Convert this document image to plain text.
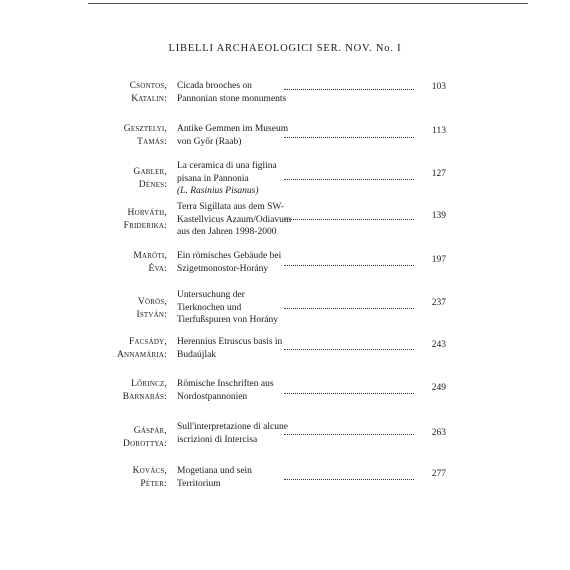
LIBELLI ARCHAEOLOGICI SER. NOV. No. I
Csontos,
Katalin:
Cicada brooches on
Pannonian stone monuments
103
Gesztelyi,
Tamás:
Antike Gemmen im Museum
von Győr (Raab)
113
Gabler,
Dénes:
La ceramica di una figlina
pisana in Pannonia
(L. Rasinius Pisanus)
127
Horváth,
Friderika:
Terra Sigillata aus dem SW-
Kastellvicus Azaum/Odiavum
aus den Jahren 1998-2000
139
Maróti,
Éva:
Ein römisches Gebäude bei
Szigetmonostor-Horány
197
Vörös,
István:
Untersuchung der
Tierknochen und
Tierfußspuren von Horány
237
Facsády,
Annamária:
Herennius Etruscus basis in
Budaújlak
243
Lőrincz,
Barnabás:
Römische Inschriften aus
Nordostpannonien
249
Gáspár,
Dorottya:
Sull'interpretazione di alcune
iscrizioni di Intercisa
263
Kovács,
Péter:
Mogetiana und sein
Territorium
277
